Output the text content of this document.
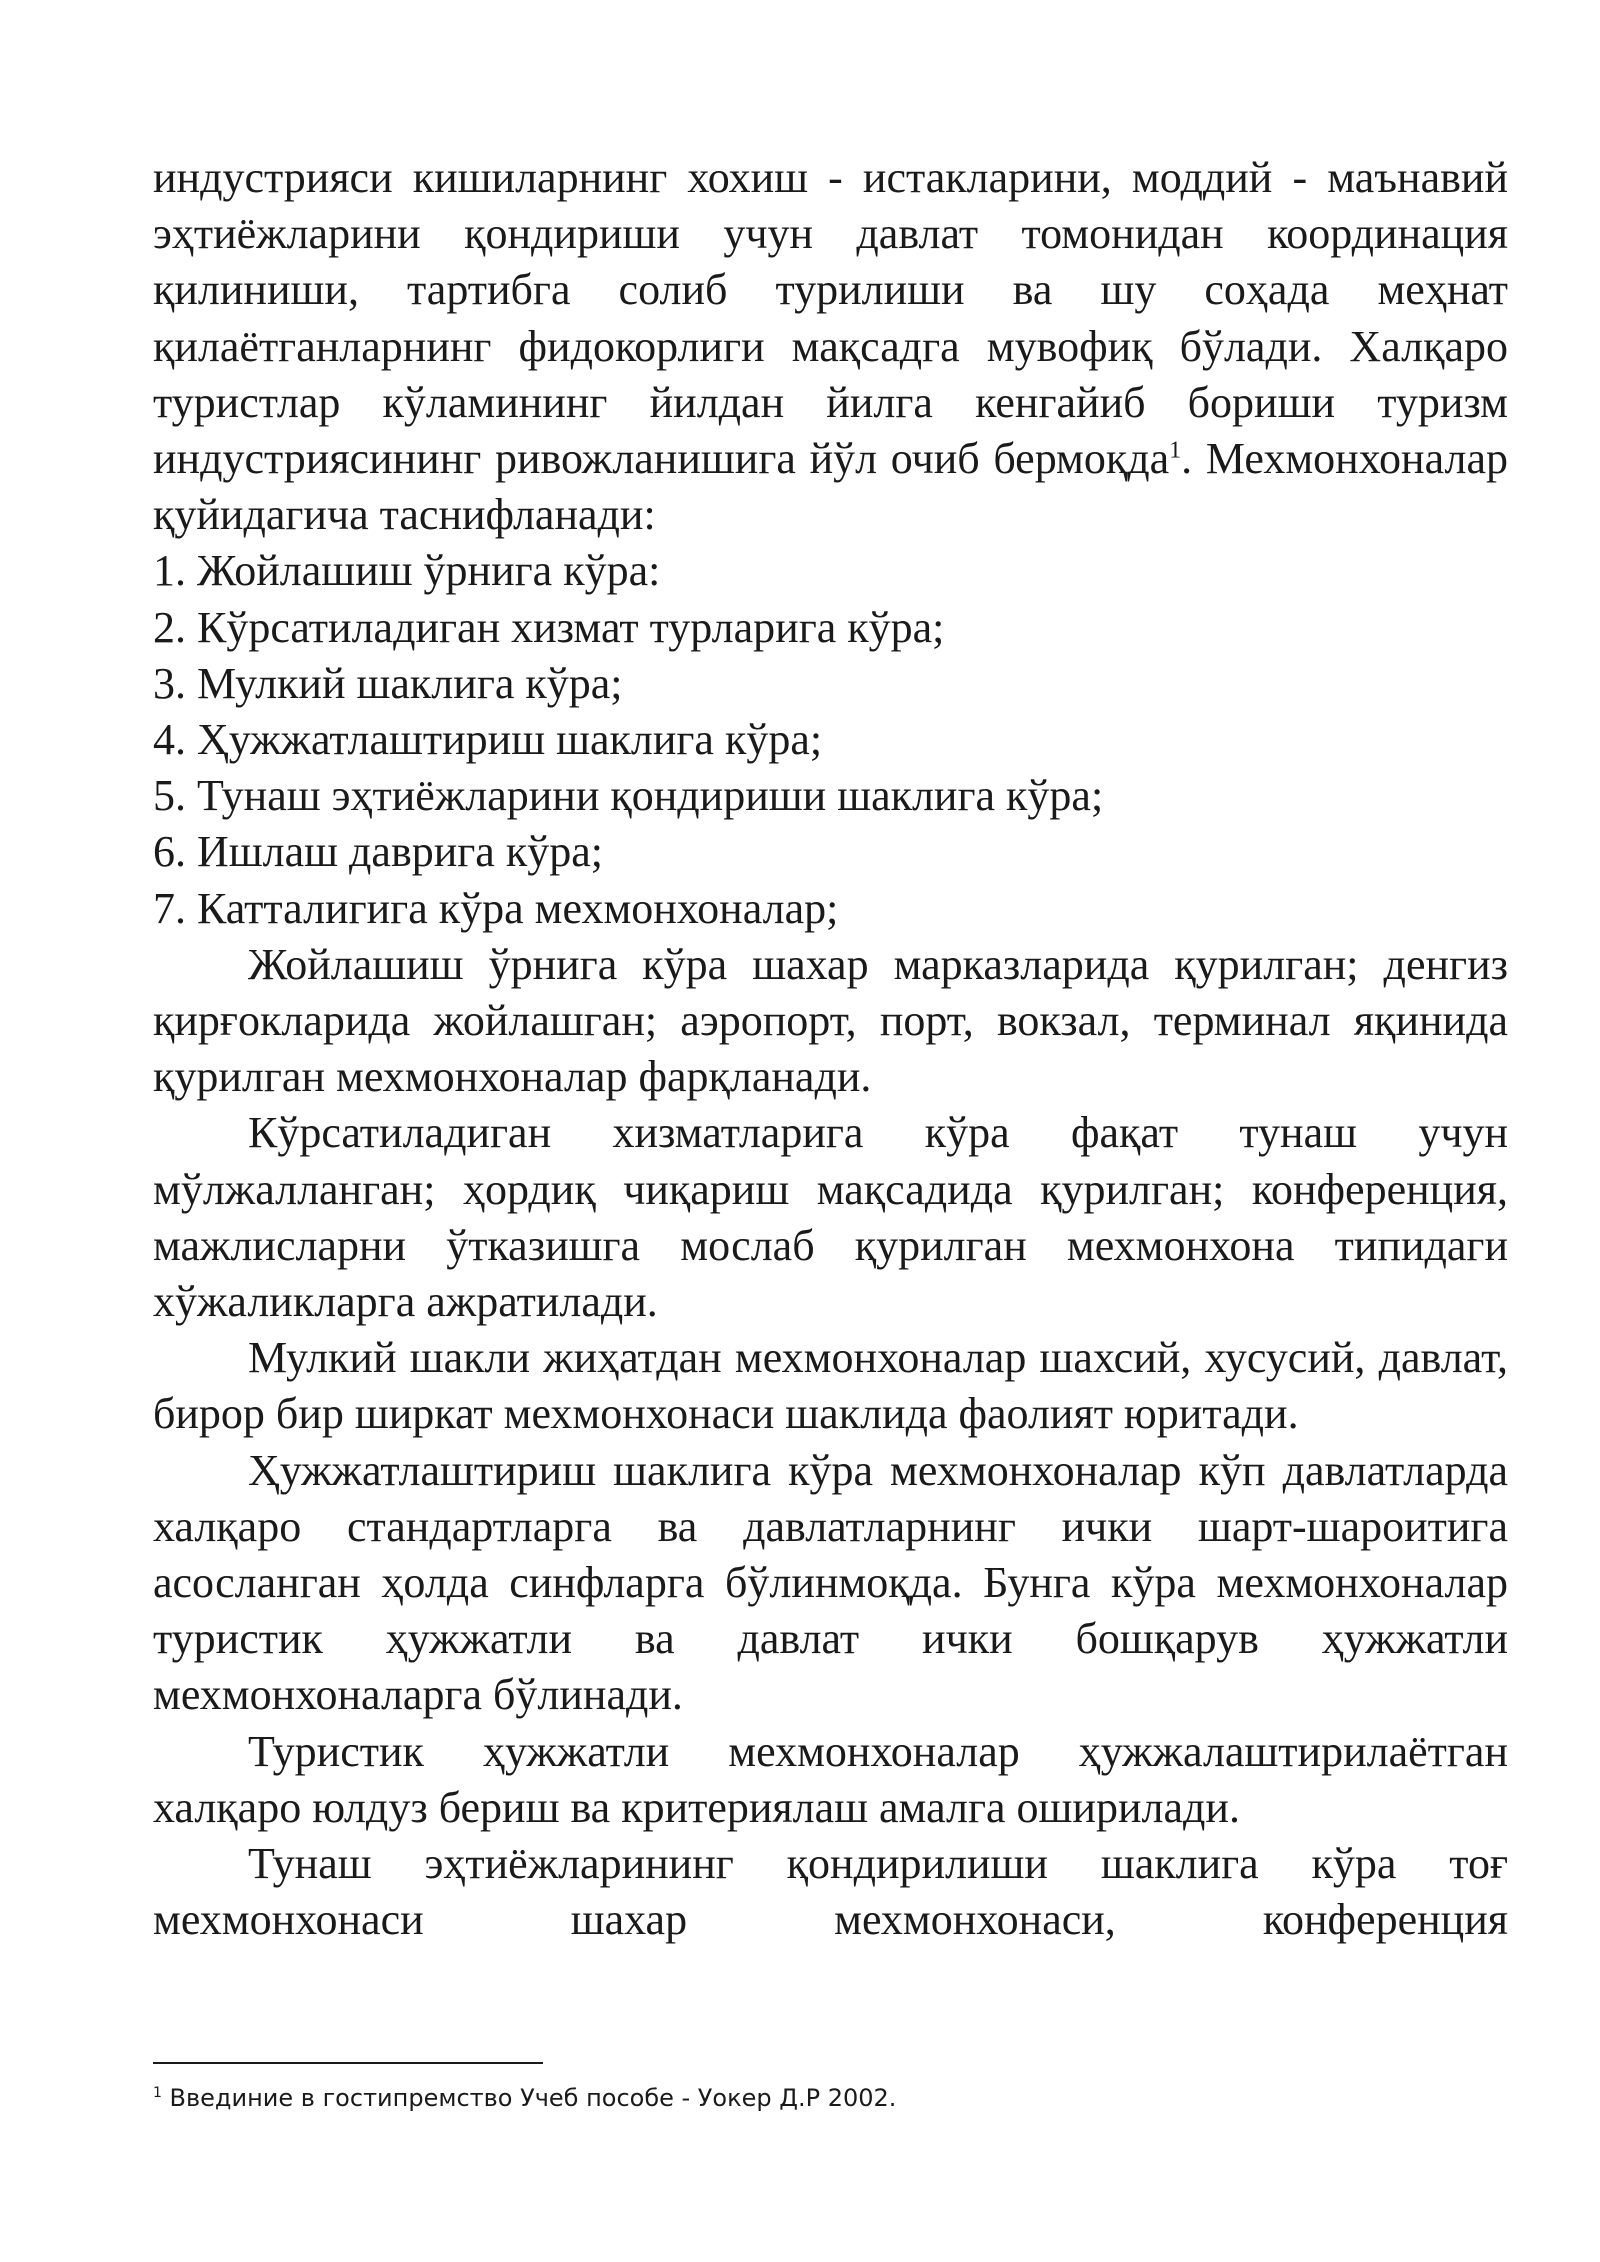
индустрияси кишиларнинг хохиш - истакларини, моддий - маънавий эҳтиёжларини қондириши учун давлат томонидан координация қилиниши, тартибга солиб турилиши ва шу соҳада меҳнат қилаётганларнинг фидокорлиги мақсадга мувофиқ бўлади. Халқаро туристлар кўламининг йилдан йилга кенгайиб бориши туризм индустриясининг ривожланишига йўл очиб бермоқда$^1$. Мехмонхоналар қуйидагича таснифланади:

1. Жойлашиш ўрнига кўра:
2. Кўрсатиладиган хизмат турларига кўра;
3. Мулкий шаклига кўра;
4. Ҳужжатлаштириш шаклига кўра;
5. Тунаш эҳтиёжларини қондириши шаклига кўра;
6. Ишлаш даврига кўра;
7. Катталигига кўра мехмонхоналар;

Жойлашиш ўрнига кўра шахар марказларида қурилган; денгиз қирғокларида жойлашган; аэропорт, порт, вокзал, терминал яқинида қурилган мехмонхоналар фарқланади.

Кўрсатиладиган хизматларига кўра фақат тунаш учун мўлжалланган; ҳордиқ чиқариш мақсадида қурилган; конференция, мажлисларни ўтказишга мослаб қурилган мехмонхона типидаги хўжаликларга ажратилади.

Мулкий шакли жиҳатдан мехмонхоналар шахсий, хусусий, давлат, бирор бир ширкат мехмонхонаси шаклида фаолият юритади.

Ҳужжатлаштириш шаклига кўра мехмонхоналар кўп давлатларда халқаро стандартларга ва давлатларнинг ички шарт-шароитига асосланган ҳолда синфларга бўлинмоқда. Бунга кўра мехмонхоналар туристик ҳужжатли ва давлат ички бошқарув ҳужжатли мехмонхоналарга бўлинади.

Туристик ҳужжатли мехмонхоналар ҳужжалаштирилаётган халқаро юлдуз бериш ва критериялаш амалга оширилади.

Тунаш эҳтиёжларининг қондирилиши шаклига кўра тоғ мехмонхонаси шахар мехмонхонаси, конференция

$^1$ Введиние в гостипремство Учеб пособе - Уокер Д.Р 2002.
